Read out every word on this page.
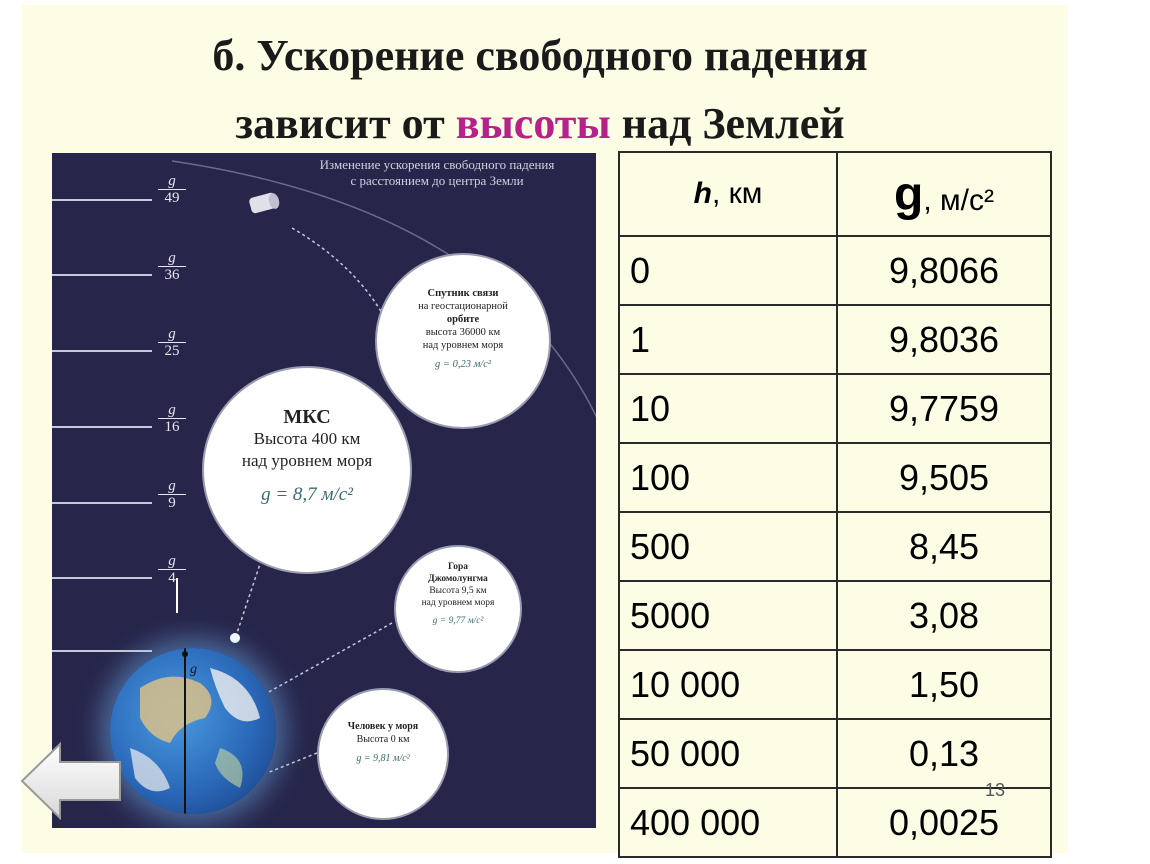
б. Ускорение свободного падения
зависит от высоты над Землей
Изменение ускорения свободного падения
с расстоянием до центра Земли
$\frac{g}{49}$
$\frac{g}{36}$
$\frac{g}{25}$
$\frac{g}{16}$
$\frac{g}{9}$
$\frac{g}{4}$
Спутник связи
на геостационарной
орбите
высота 36000 км
над уровнем моря
g = 0,23 м/с²
МКС
Высота 400 км
над уровнем моря
g = 8,7 м/с²
Гора
Джомолунгма
Высота 9,5 км
над уровнем моря
g = 9,77 м/с²
Человек у моря
Высота 0 км
g = 9,81 м/с²
g
h, км	g, м/с²
0	9,8066
1	9,8036
10	9,7759
100	9,505
500	8,45
5000	3,08
10 000	1,50
50 000	0,13
400 000	0,0025
13
